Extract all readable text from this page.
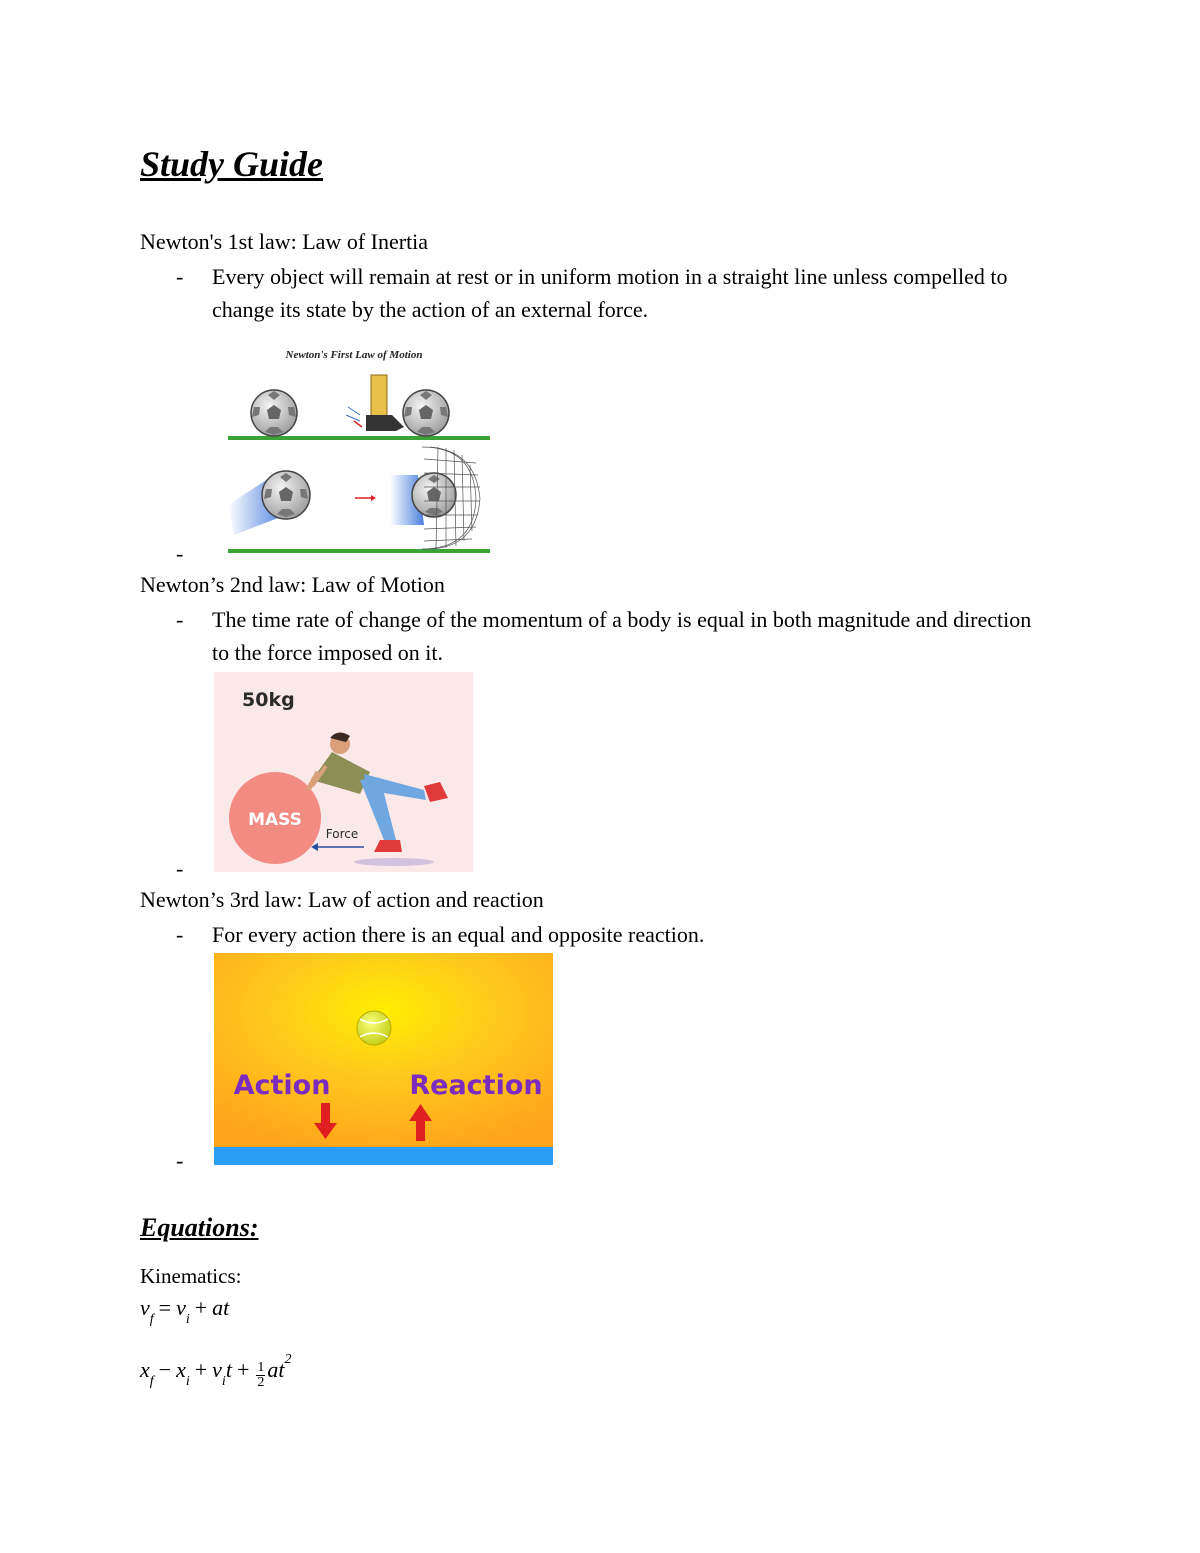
Study Guide
Newton's 1st law: Law of Inertia
- Every object will remain at rest or in uniform motion in a straight line unless compelled to change its state by the action of an external force.
-
Newton's First Law of Motion
Newton’s 2nd law: Law of Motion
- The time rate of change of the momentum of a body is equal in both magnitude and direction to the force imposed on it.
-
50kg
MASS
Force
Newton’s 3rd law: Law of action and reaction
- For every action there is an equal and opposite reaction.
-
Action	Reaction
Equations:
Kinematics:
$v_f = v_i$ + at
$x_f - x_i + v_it + \frac{1}{2} at^2$
